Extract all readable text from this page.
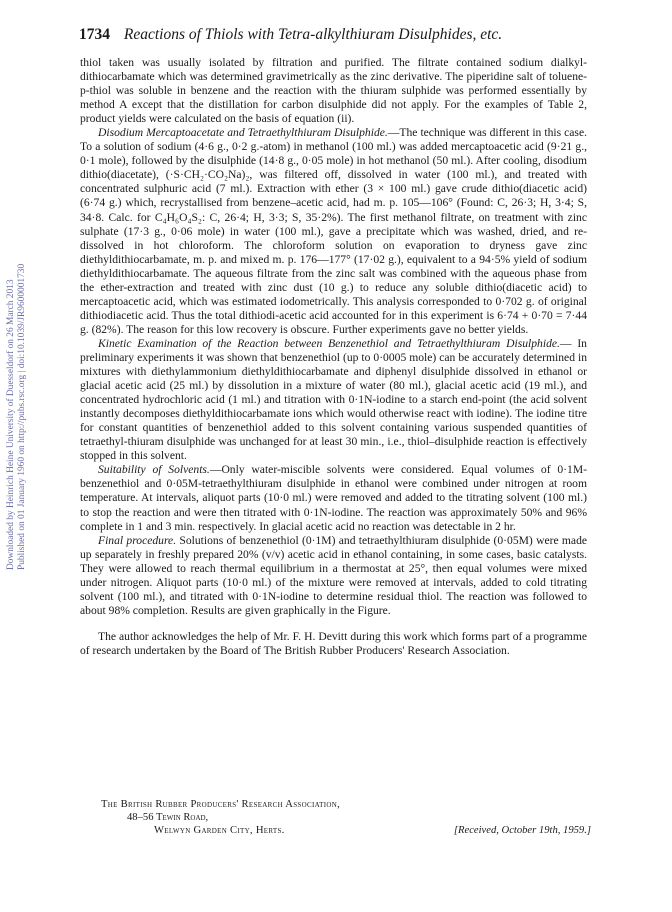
1734 Reactions of Thiols with Tetra-alkylthiuram Disulphides, etc.
Downloaded by Heinrich Heine University of Duesseldorf on 26 March 2013 Published on 01 January 1960 on http://pubs.rsc.org | doi:10.1039/JR9600001730

thiol taken was usually isolated by filtration and purified. The filtrate contained sodium dialkyl-dithiocarbamate which was determined gravimetrically as the zinc derivative. The piperidine salt of toluene-p-thiol was soluble in benzene and the reaction with the thiuram sulphide was performed essentially by method A except that the distillation for carbon disulphide did not apply. For the examples of Table 2, product yields were calculated on the basis of equation (ii).

Disodium Mercaptoacetate and Tetraethylthiuram Disulphide.—The technique was different in this case. To a solution of sodium (4·6 g., 0·2 g.-atom) in methanol (100 ml.) was added mercaptoacetic acid (9·21 g., 0·1 mole), followed by the disulphide (14·8 g., 0·05 mole) in hot methanol (50 ml.). After cooling, disodium dithio(diacetate), (·S·CH₂·CO₂Na)₂, was filtered off, dissolved in water (100 ml.), and treated with concentrated sulphuric acid (7 ml.). Extraction with ether (3 × 100 ml.) gave crude dithio(diacetic acid) (6·74 g.) which, recrystallised from benzene–acetic acid, had m. p. 105—106° (Found: C, 26·3; H, 3·4; S, 34·8. Calc. for C₄H₆O₄S₂: C, 26·4; H, 3·3; S, 35·2%). The first methanol filtrate, on treatment with zinc sulphate (17·3 g., 0·06 mole) in water (100 ml.), gave a precipitate which was washed, dried, and re-dissolved in hot chloroform. The chloroform solution on evaporation to dryness gave zinc diethyldithiocarbamate, m. p. and mixed m. p. 176—177° (17·02 g.), equivalent to a 94·5% yield of sodium diethyldithiocarbamate. The aqueous filtrate from the zinc salt was combined with the aqueous phase from the ether-extraction and treated with zinc dust (10 g.) to reduce any soluble dithio(diacetic acid) to mercaptoacetic acid, which was estimated iodometrically. This analysis corresponded to 0·702 g. of original dithiodiacetic acid. Thus the total dithiodi-acetic acid accounted for in this experiment is 6·74 + 0·70 = 7·44 g. (82%). The reason for this low recovery is obscure. Further experiments gave no better yields.

Kinetic Examination of the Reaction between Benzenethiol and Tetraethylthiuram Disulphide.— In preliminary experiments it was shown that benzenethiol (up to 0·0005 mole) can be accurately determined in mixtures with diethylammonium diethyldithiocarbamate and diphenyl disulphide dissolved in ethanol or glacial acetic acid (25 ml.) by dissolution in a mixture of water (80 ml.), glacial acetic acid (19 ml.), and concentrated hydrochloric acid (1 ml.) and titration with 0·1N-iodine to a starch end-point (the acid solvent instantly decomposes diethyldithiocarbamate ions which would otherwise react with iodine). The iodine titre for constant quantities of benzenethiol added to this solvent containing various suspended quantities of tetraethyl-thiuram disulphide was unchanged for at least 30 min., i.e., thiol–disulphide reaction is effectively stopped in this solvent.

Suitability of Solvents.—Only water-miscible solvents were considered. Equal volumes of 0·1M-benzenethiol and 0·05M-tetraethylthiuram disulphide in ethanol were combined under nitrogen at room temperature. At intervals, aliquot parts (10·0 ml.) were removed and added to the titrating solvent (100 ml.) to stop the reaction and were then titrated with 0·1N-iodine. The reaction was approximately 50% and 96% complete in 1 and 3 min. respectively. In glacial acetic acid no reaction was detectable in 2 hr.

Final procedure. Solutions of benzenethiol (0·1M) and tetraethylthiuram disulphide (0·05M) were made up separately in freshly prepared 20% (v/v) acetic acid in ethanol containing, in some cases, basic catalysts. They were allowed to reach thermal equilibrium in a thermostat at 25°, then equal volumes were mixed under nitrogen. Aliquot parts (10·0 ml.) of the mixture were removed at intervals, added to cold titrating solvent (100 ml.), and titrated with 0·1N-iodine to determine residual thiol. The reaction was followed to about 98% completion. Results are given graphically in the Figure.

The author acknowledges the help of Mr. F. H. Devitt during this work which forms part of a programme of research undertaken by the Board of The British Rubber Producers' Research Association.

The British Rubber Producers' Research Association,
48–56 Tewin Road,
Welwyn Garden City, Herts.	[Received, October 19th, 1959.]
